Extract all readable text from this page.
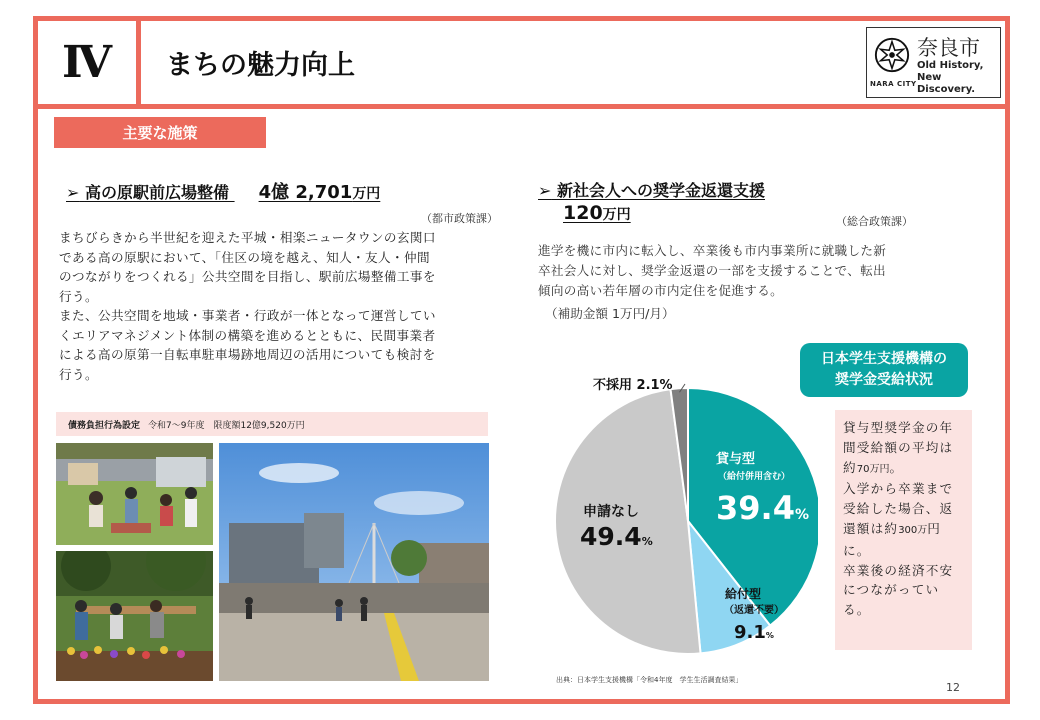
Ⅳ	まちの魅力向上
NARA CITY
奈良市
Old History,
New Discovery.
主要な施策
➢ 高の原駅前広場整備 4億 2,701万円
（都市政策課）

まちびらきから半世紀を迎えた平城・相楽ニュータウンの玄関口

である高の原駅において、「住区の境を越え、知人・友人・仲間

のつながりをつくれる」公共空間を目指し、駅前広場整備工事を

行う。

また、公共空間を地域・事業者・行政が一体となって運営してい

くエリアマネジメント体制の構築を進めるとともに、民間事業者

による高の原第一自転車駐車場跡地周辺の活用についても検討を

行う。

債務負担行為設定 令和7～9年度　限度額12億9,520万円
➢ 新社会人への奨学金返還支援
120万円	（総合政策課）

進学を機に市内に転入し、卒業後も市内事業所に就職した新

卒社会人に対し、奨学金返還の一部を支援することで、転出

傾向の高い若年層の市内定住を促進する。

（補助金額 1万円/月）
日本学生支援機構の
奨学金受給状況
貸与型
（給付併用含む）
39.4%
給付型
（返還不要）
9.1%
申請なし
49.4%
不採用 2.1%

貸与型奨学金の年間受給額の平均は約70万円。

入学から卒業まで受給した場合、返還額は約300万円に。

卒業後の経済不安につながっている。

出典：日本学生支援機構「令和4年度　学生生活調査結果」
12
